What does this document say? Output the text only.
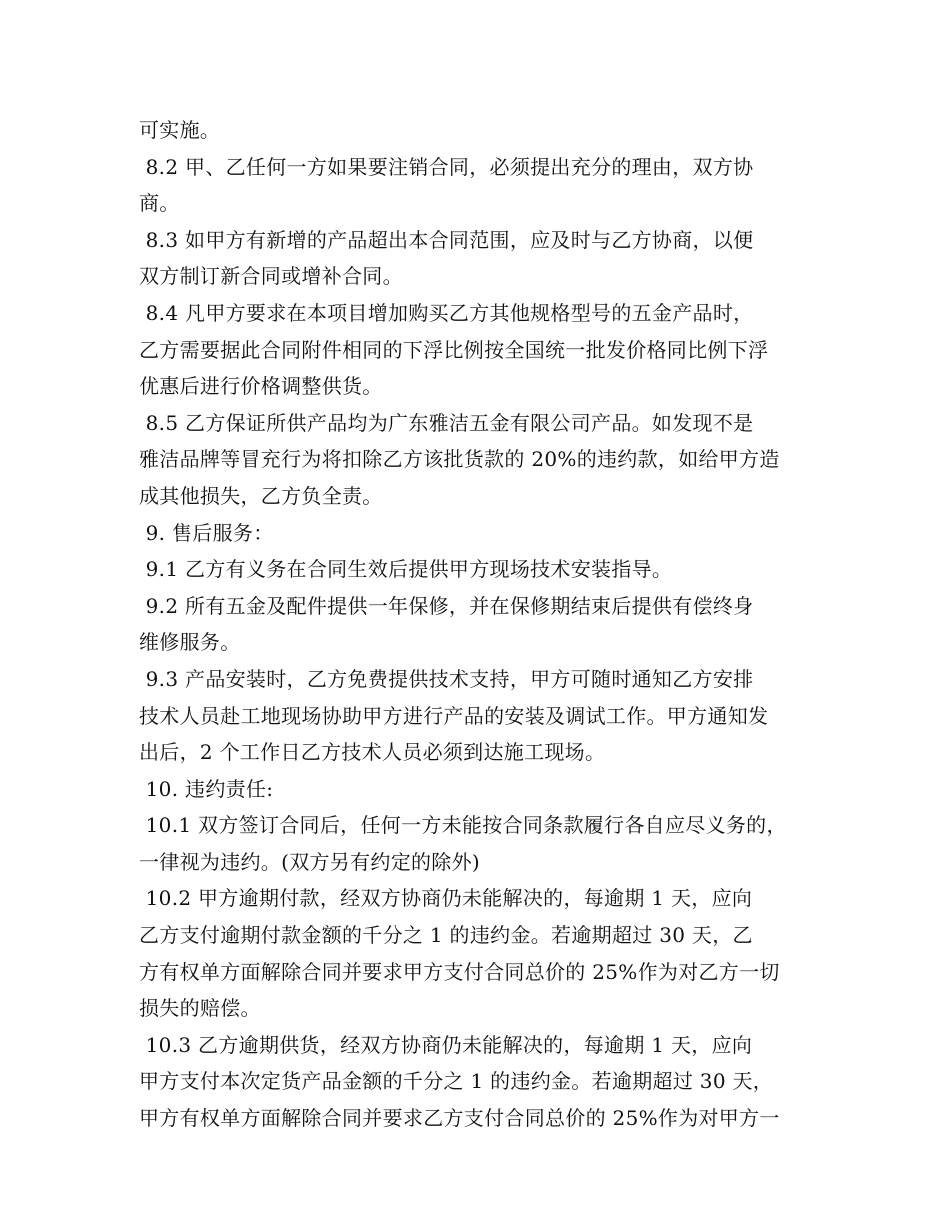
可实施。
8.2 甲、乙任何一方如果要注销合同，必须提出充分的理由，双方协
商。
8.3 如甲方有新增的产品超出本合同范围，应及时与乙方协商，以便
双方制订新合同或增补合同。
8.4 凡甲方要求在本项目增加购买乙方其他规格型号的五金产品时，
乙方需要据此合同附件相同的下浮比例按全国统一批发价格同比例下浮
优惠后进行价格调整供货。
8.5 乙方保证所供产品均为广东雅洁五金有限公司产品。如发现不是
雅洁品牌等冒充行为将扣除乙方该批货款的 20%的违约款，如给甲方造
成其他损失，乙方负全责。
9. 售后服务：
9.1 乙方有义务在合同生效后提供甲方现场技术安装指导。
9.2 所有五金及配件提供一年保修，并在保修期结束后提供有偿终身
维修服务。
9.3 产品安装时，乙方免费提供技术支持，甲方可随时通知乙方安排
技术人员赴工地现场协助甲方进行产品的安装及调试工作。甲方通知发
出后，2 个工作日乙方技术人员必须到达施工现场。
10. 违约责任:
10.1 双方签订合同后，任何一方未能按合同条款履行各自应尽义务的，
一律视为违约。(双方另有约定的除外)
10.2 甲方逾期付款，经双方协商仍未能解决的，每逾期 1 天，应向
乙方支付逾期付款金额的千分之 1 的违约金。若逾期超过 30 天，乙
方有权单方面解除合同并要求甲方支付合同总价的 25%作为对乙方一切
损失的赔偿。
10.3 乙方逾期供货，经双方协商仍未能解决的，每逾期 1 天，应向
甲方支付本次定货产品金额的千分之 1 的违约金。若逾期超过 30 天，
甲方有权单方面解除合同并要求乙方支付合同总价的 25%作为对甲方一
